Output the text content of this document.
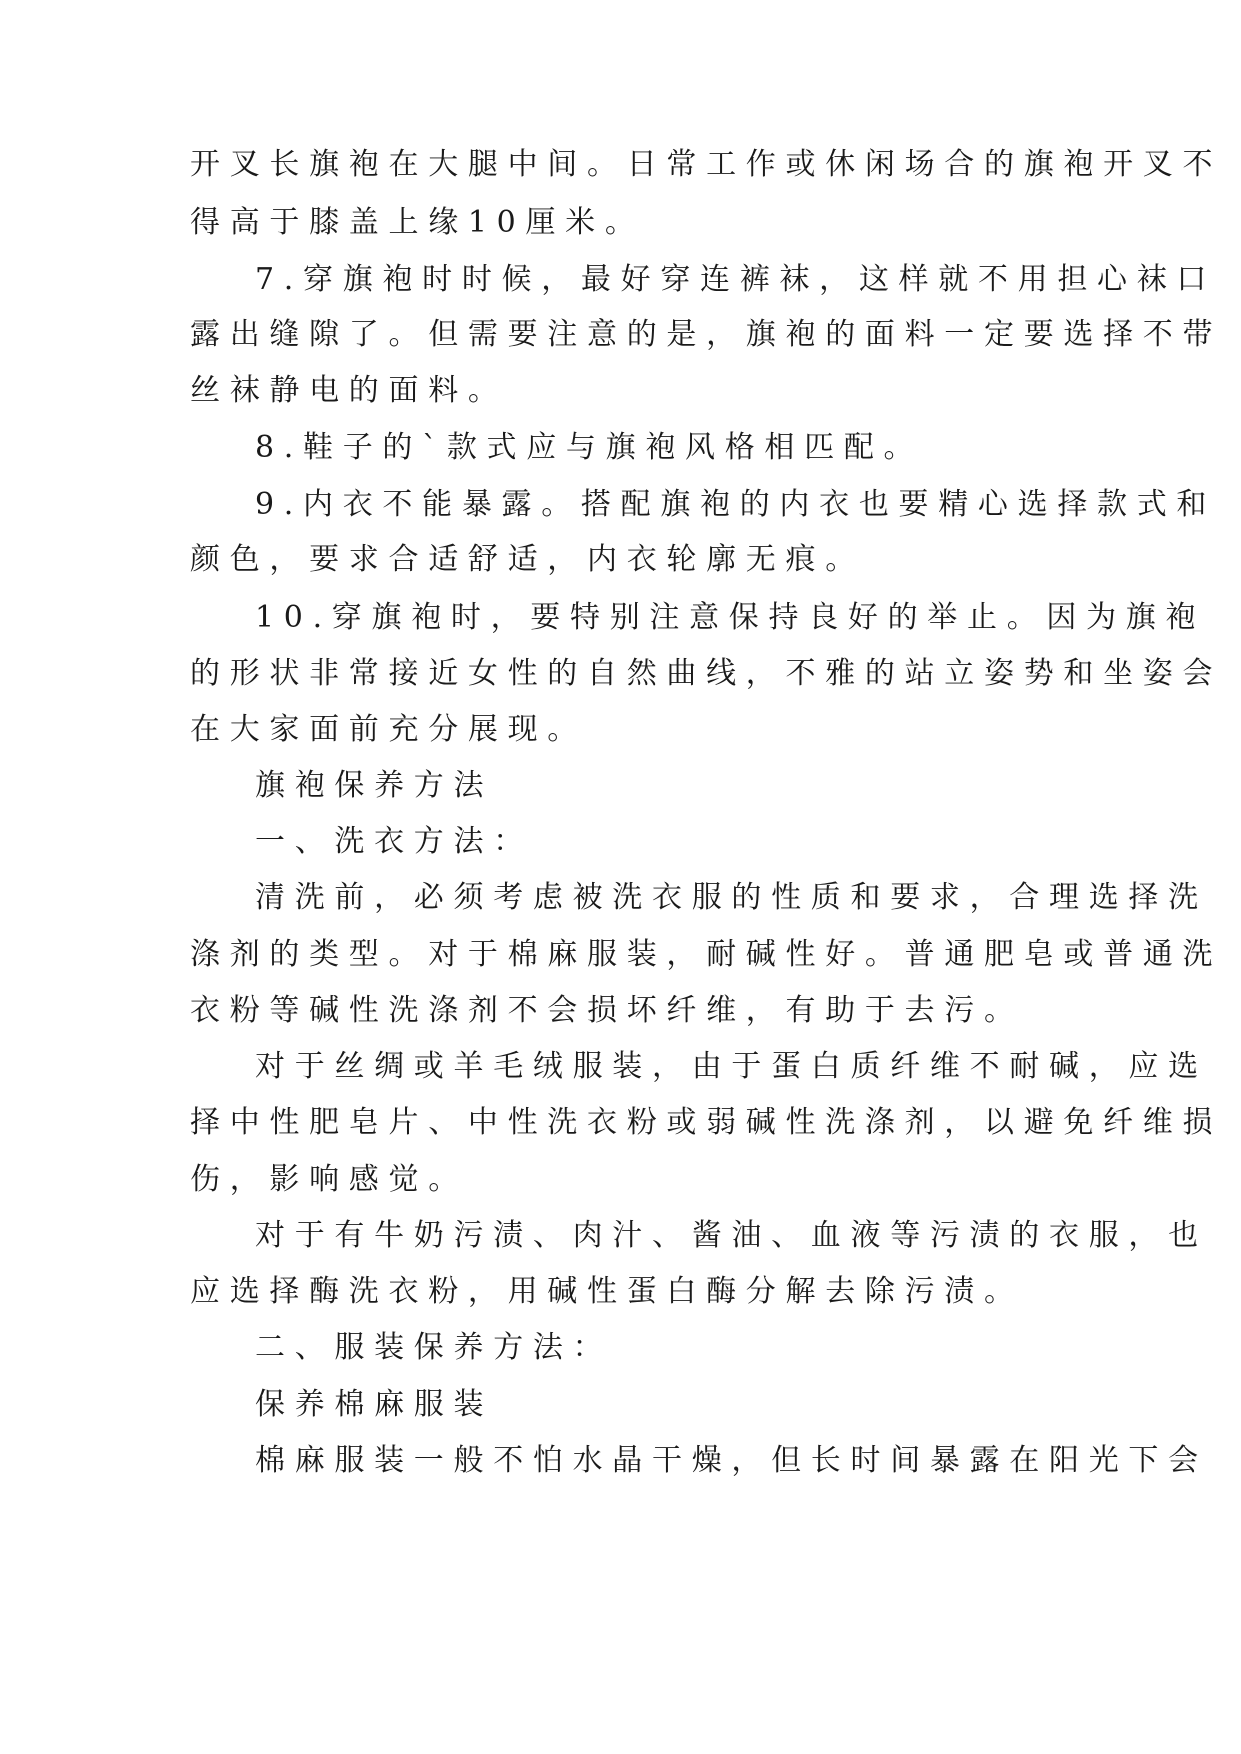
开叉长旗袍在大腿中间。日常工作或休闲场合的旗袍开叉不
得高于膝盖上缘10厘米。
7.穿旗袍时时候，最好穿连裤袜，这样就不用担心袜口
露出缝隙了。但需要注意的是，旗袍的面料一定要选择不带
丝袜静电的面料。
8.鞋子的`款式应与旗袍风格相匹配。
9.内衣不能暴露。搭配旗袍的内衣也要精心选择款式和
颜色，要求合适舒适，内衣轮廓无痕。
10.穿旗袍时，要特别注意保持良好的举止。因为旗袍
的形状非常接近女性的自然曲线，不雅的站立姿势和坐姿会
在大家面前充分展现。
旗袍保养方法
一、洗衣方法：
清洗前，必须考虑被洗衣服的性质和要求，合理选择洗
涤剂的类型。对于棉麻服装，耐碱性好。普通肥皂或普通洗
衣粉等碱性洗涤剂不会损坏纤维，有助于去污。
对于丝绸或羊毛绒服装，由于蛋白质纤维不耐碱，应选
择中性肥皂片、中性洗衣粉或弱碱性洗涤剂，以避免纤维损
伤，影响感觉。
对于有牛奶污渍、肉汁、酱油、血液等污渍的衣服，也
应选择酶洗衣粉，用碱性蛋白酶分解去除污渍。
二、服装保养方法：
保养棉麻服装
棉麻服装一般不怕水晶干燥，但长时间暴露在阳光下会
